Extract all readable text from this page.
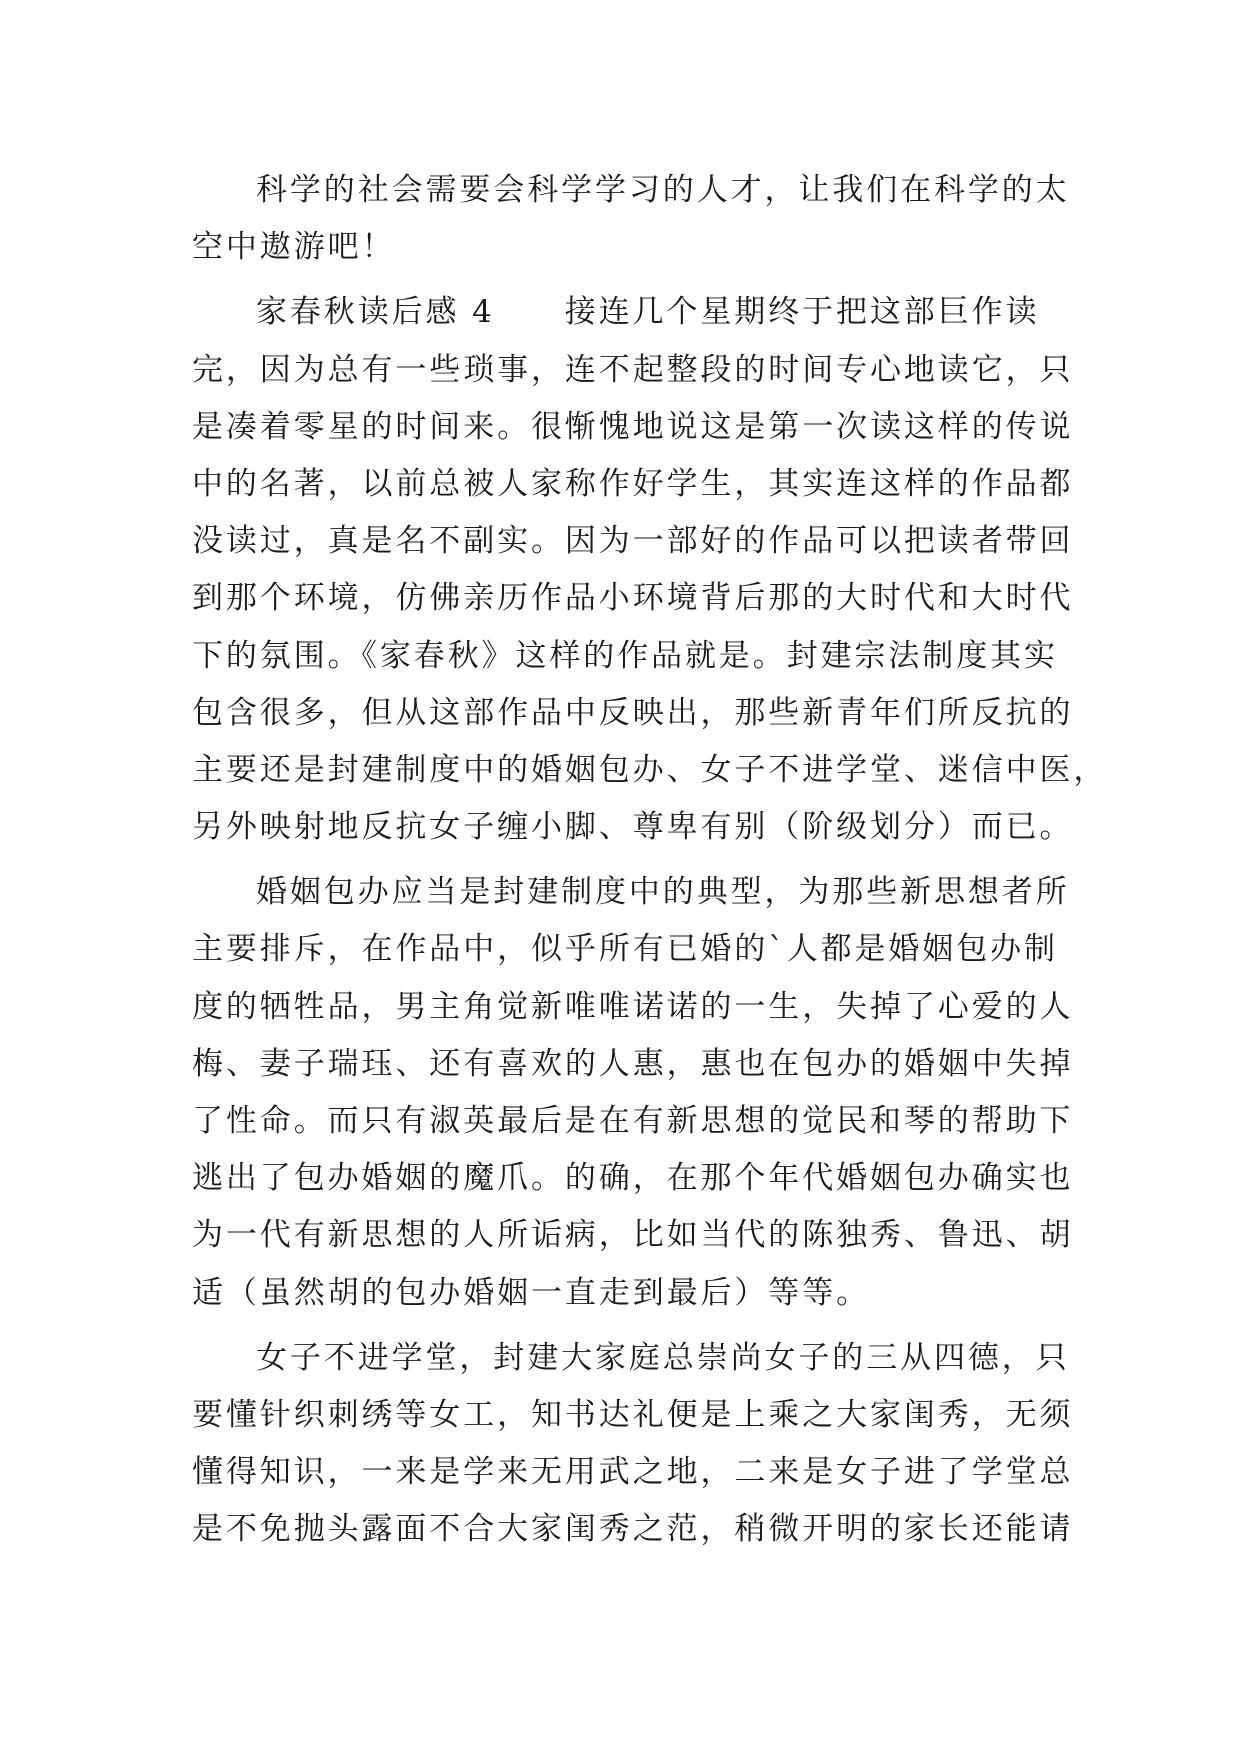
科学的社会需要会科学学习的人才，让我们在科学的太
空中遨游吧！
家春秋读后感 4 接连几个星期终于把这部巨作读
完，因为总有一些琐事，连不起整段的时间专心地读它，只
是凑着零星的时间来。很惭愧地说这是第一次读这样的传说
中的名著，以前总被人家称作好学生，其实连这样的作品都
没读过，真是名不副实。因为一部好的作品可以把读者带回
到那个环境，仿佛亲历作品小环境背后那的大时代和大时代
下的氛围。《家春秋》这样的作品就是。封建宗法制度其实
包含很多，但从这部作品中反映出，那些新青年们所反抗的
主要还是封建制度中的婚姻包办、女子不进学堂、迷信中医，
另外映射地反抗女子缠小脚、尊卑有别（阶级划分）而已。
婚姻包办应当是封建制度中的典型，为那些新思想者所
主要排斥，在作品中，似乎所有已婚的`人都是婚姻包办制
度的牺牲品，男主角觉新唯唯诺诺的一生，失掉了心爱的人
梅、妻子瑞珏、还有喜欢的人惠，惠也在包办的婚姻中失掉
了性命。而只有淑英最后是在有新思想的觉民和琴的帮助下
逃出了包办婚姻的魔爪。的确，在那个年代婚姻包办确实也
为一代有新思想的人所诟病，比如当代的陈独秀、鲁迅、胡
适（虽然胡的包办婚姻一直走到最后）等等。
女子不进学堂，封建大家庭总崇尚女子的三从四德，只
要懂针织刺绣等女工，知书达礼便是上乘之大家闺秀，无须
懂得知识，一来是学来无用武之地，二来是女子进了学堂总
是不免抛头露面不合大家闺秀之范，稍微开明的家长还能请
